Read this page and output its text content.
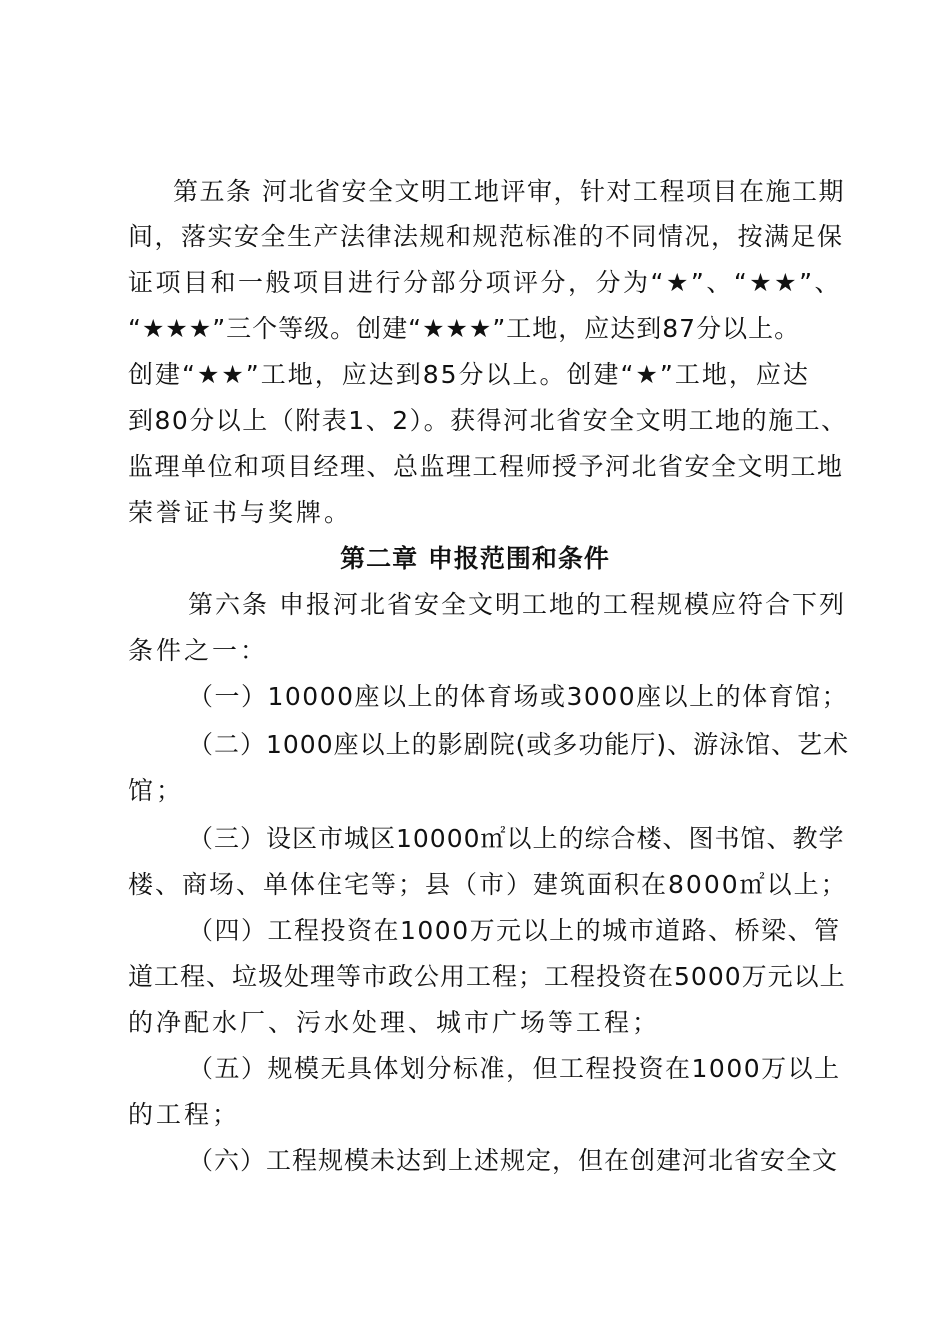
第五条 河北省安全文明工地评审，针对工程项目在施工期
间，落实安全生产法律法规和规范标准的不同情况，按满足保
证项目和一般项目进行分部分项评分，分为“★”、“★★”、
“★★★”三个等级。创建“★★★”工地，应达到87分以上。
创建“★★”工地，应达到85分以上。创建“★”工地，应达
到80分以上（附表1、2）。获得河北省安全文明工地的施工、
监理单位和项目经理、总监理工程师授予河北省安全文明工地
荣誉证书与奖牌。
第二章 申报范围和条件
第六条 申报河北省安全文明工地的工程规模应符合下列
条件之一：
（一）10000座以上的体育场或3000座以上的体育馆；
（二）1000座以上的影剧院(或多功能厅)、游泳馆、艺术
馆；
（三）设区市城区10000㎡以上的综合楼、图书馆、教学
楼、商场、单体住宅等；县（市）建筑面积在8000㎡以上；
（四）工程投资在1000万元以上的城市道路、桥梁、管
道工程、垃圾处理等市政公用工程；工程投资在5000万元以上
的净配水厂、污水处理、城市广场等工程；
（五）规模无具体划分标准，但工程投资在1000万以上
的工程；
（六）工程规模未达到上述规定，但在创建河北省安全文
